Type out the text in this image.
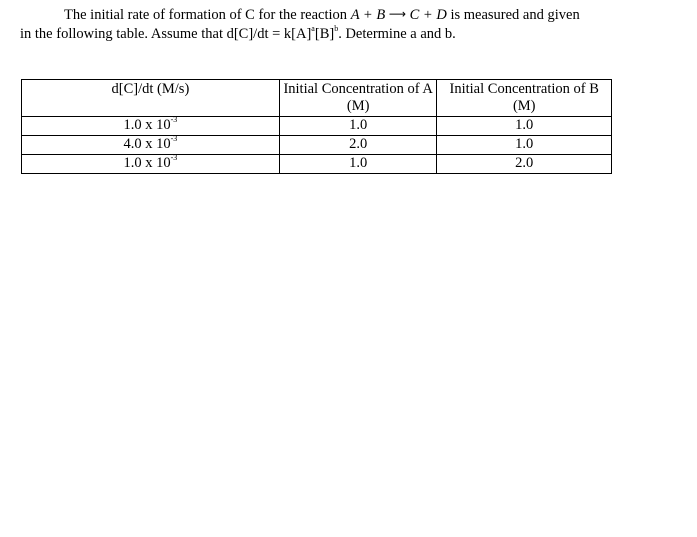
The initial rate of formation of C for the reaction A + B ⟶ C + D is measured and given
in the following table. Assume that $d[C]/dt = k[A]^a[B]^b$. Determine a and b.
d[C]/dt (M/s)	Initial Concentration of A (M)	Initial Concentration of B (M)
1.0 x $10^{-3}$	1.0	1.0
4.0 x $10^{-3}$	2.0	1.0
1.0 x $10^{-3}$	1.0	2.0
